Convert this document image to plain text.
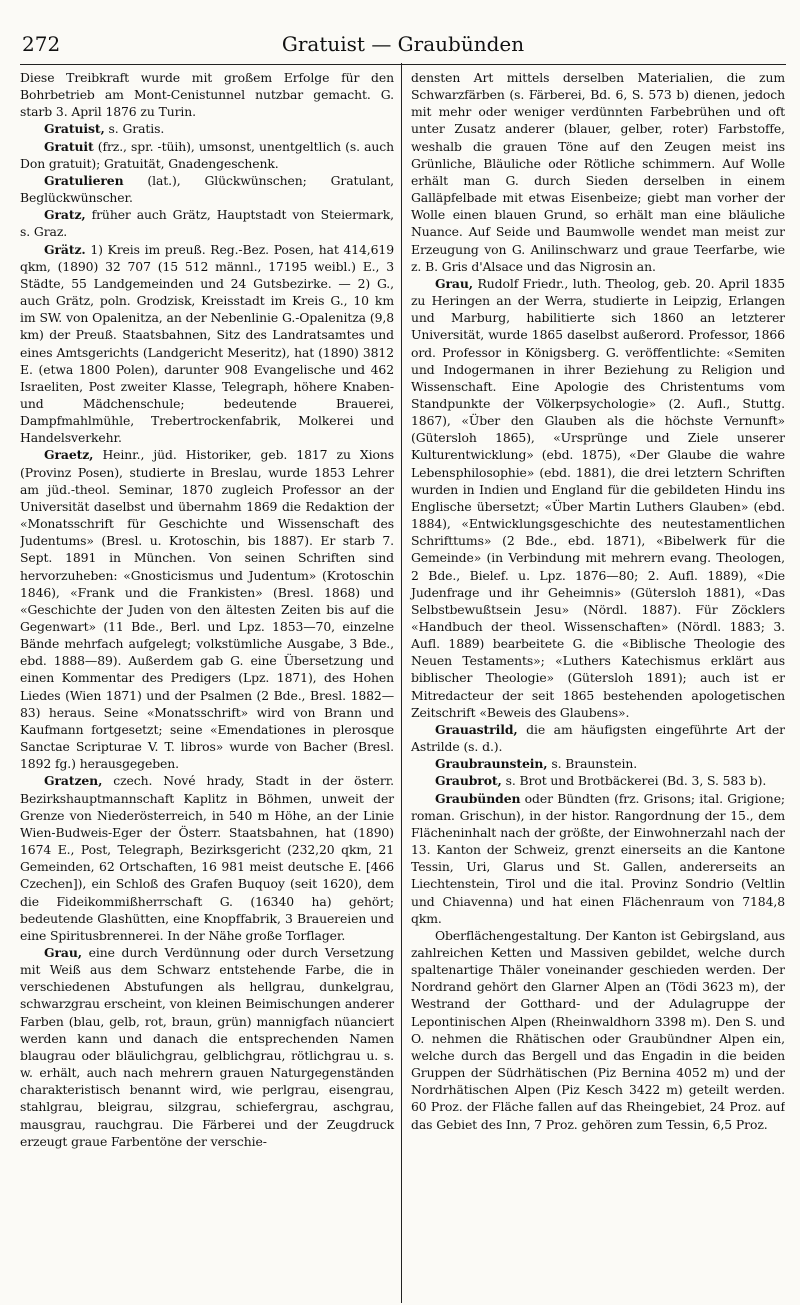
272	Gratuist — Graubünden

Diese Treibkraft wurde mit großem Erfolge für den Bohrbetrieb am Mont-Cenistunnel nutzbar gemacht. G. starb 3. April 1876 zu Turin.

Gratuist, s. Gratis.

Gratuit (frz., spr. -tüih), umsonst, unentgeltlich (s. auch Don gratuit); Gratuität, Gnadengeschenk.

Gratulieren (lat.), Glückwünschen; Gratulant, Beglückwünscher.

Gratz, früher auch Grätz, Hauptstadt von Steiermark, s. Graz.

Grätz. 1) Kreis im preuß. Reg.-Bez. Posen, hat 414,619 qkm, (1890) 32 707 (15 512 männl., 17195 weibl.) E., 3 Städte, 55 Landgemeinden und 24 Gutsbezirke. — 2) G., auch Grätz, poln. Grodzisk, Kreisstadt im Kreis G., 10 km im SW. von Opalenitza, an der Nebenlinie G.-Opalenitza (9,8 km) der Preuß. Staatsbahnen, Sitz des Landratsamtes und eines Amtsgerichts (Landgericht Meseritz), hat (1890) 3812 E. (etwa 1800 Polen), darunter 908 Evangelische und 462 Israeliten, Post zweiter Klasse, Telegraph, höhere Knaben- und Mädchenschule; bedeutende Brauerei, Dampfmahlmühle, Trebertrockenfabrik, Molkerei und Handelsverkehr.

Graetz, Heinr., jüd. Historiker, geb. 1817 zu Xions (Provinz Posen), studierte in Breslau, wurde 1853 Lehrer am jüd.-theol. Seminar, 1870 zugleich Professor an der Universität daselbst und übernahm 1869 die Redaktion der «Monatsschrift für Geschichte und Wissenschaft des Judentums» (Bresl. u. Krotoschin, bis 1887). Er starb 7. Sept. 1891 in München. Von seinen Schriften sind hervorzuheben: «Gnosticismus und Judentum» (Krotoschin 1846), «Frank und die Frankisten» (Bresl. 1868) und «Geschichte der Juden von den ältesten Zeiten bis auf die Gegenwart» (11 Bde., Berl. und Lpz. 1853—70, einzelne Bände mehrfach aufgelegt; volkstümliche Ausgabe, 3 Bde., ebd. 1888—89). Außerdem gab G. eine Übersetzung und einen Kommentar des Predigers (Lpz. 1871), des Hohen Liedes (Wien 1871) und der Psalmen (2 Bde., Bresl. 1882—83) heraus. Seine «Monatsschrift» wird von Brann und Kaufmann fortgesetzt; seine «Emendationes in plerosque Sanctae Scripturae V. T. libros» wurde von Bacher (Bresl. 1892 fg.) herausgegeben.

Gratzen, czech. Nové hrady, Stadt in der österr. Bezirkshauptmannschaft Kaplitz in Böhmen, unweit der Grenze von Niederösterreich, in 540 m Höhe, an der Linie Wien-Budweis-Eger der Österr. Staatsbahnen, hat (1890) 1674 E., Post, Telegraph, Bezirksgericht (232,20 qkm, 21 Gemeinden, 62 Ortschaften, 16 981 meist deutsche E. [466 Czechen]), ein Schloß des Grafen Buquoy (seit 1620), dem die Fideikommißherrschaft G. (16340 ha) gehört; bedeutende Glashütten, eine Knopffabrik, 3 Brauereien und eine Spiritusbrennerei. In der Nähe große Torflager.

Grau, eine durch Verdünnung oder durch Versetzung mit Weiß aus dem Schwarz entstehende Farbe, die in verschiedenen Abstufungen als hellgrau, dunkelgrau, schwarzgrau erscheint, von kleinen Beimischungen anderer Farben (blau, gelb, rot, braun, grün) mannigfach nüanciert werden kann und danach die entsprechenden Namen blaugrau oder bläulichgrau, gelblichgrau, rötlichgrau u. s. w. erhält, auch nach mehrern grauen Naturgegenständen charakteristisch benannt wird, wie perlgrau, eisengrau, stahlgrau, bleigrau, silzgrau, schiefergrau, aschgrau, mausgrau, rauchgrau. Die Färberei und der Zeugdruck erzeugt graue Farbentöne der verschie-

densten Art mittels derselben Materialien, die zum Schwarzfärben (s. Färberei, Bd. 6, S. 573 b) dienen, jedoch mit mehr oder weniger verdünnten Farbebrühen und oft unter Zusatz anderer (blauer, gelber, roter) Farbstoffe, weshalb die grauen Töne auf den Zeugen meist ins Grünliche, Bläuliche oder Rötliche schimmern. Auf Wolle erhält man G. durch Sieden derselben in einem Galläpfelbade mit etwas Eisenbeize; giebt man vorher der Wolle einen blauen Grund, so erhält man eine bläuliche Nuance. Auf Seide und Baumwolle wendet man meist zur Erzeugung von G. Anilinschwarz und graue Teerfarbe, wie z. B. Gris d'Alsace und das Nigrosin an.

Grau, Rudolf Friedr., luth. Theolog, geb. 20. April 1835 zu Heringen an der Werra, studierte in Leipzig, Erlangen und Marburg, habilitierte sich 1860 an letzterer Universität, wurde 1865 daselbst außerord. Professor, 1866 ord. Professor in Königsberg. G. veröffentlichte: «Semiten und Indogermanen in ihrer Beziehung zu Religion und Wissenschaft. Eine Apologie des Christentums vom Standpunkte der Völkerpsychologie» (2. Aufl., Stuttg. 1867), «Über den Glauben als die höchste Vernunft» (Gütersloh 1865), «Ursprünge und Ziele unserer Kulturentwicklung» (ebd. 1875), «Der Glaube die wahre Lebensphilosophie» (ebd. 1881), die drei letztern Schriften wurden in Indien und England für die gebildeten Hindu ins Englische übersetzt; «Über Martin Luthers Glauben» (ebd. 1884), «Entwicklungsgeschichte des neutestamentlichen Schrifttums» (2 Bde., ebd. 1871), «Bibelwerk für die Gemeinde» (in Verbindung mit mehrern evang. Theologen, 2 Bde., Bielef. u. Lpz. 1876—80; 2. Aufl. 1889), «Die Judenfrage und ihr Geheimnis» (Gütersloh 1881), «Das Selbstbewußtsein Jesu» (Nördl. 1887). Für Zöcklers «Handbuch der theol. Wissenschaften» (Nördl. 1883; 3. Aufl. 1889) bearbeitete G. die «Biblische Theologie des Neuen Testaments»; «Luthers Katechismus erklärt aus biblischer Theologie» (Gütersloh 1891); auch ist er Mitredacteur der seit 1865 bestehenden apologetischen Zeitschrift «Beweis des Glaubens».

Grauastrild, die am häufigsten eingeführte Art der Astrilde (s. d.).

Graubraunstein, s. Braunstein.

Graubrot, s. Brot und Brotbäckerei (Bd. 3, S. 583 b).

Graubünden oder Bündten (frz. Grisons; ital. Grigione; roman. Grischun), in der histor. Rangordnung der 15., dem Flächeninhalt nach der größte, der Einwohnerzahl nach der 13. Kanton der Schweiz, grenzt einerseits an die Kantone Tessin, Uri, Glarus und St. Gallen, andererseits an Liechtenstein, Tirol und die ital. Provinz Sondrio (Veltlin und Chiavenna) und hat einen Flächenraum von 7184,8 qkm.

Oberflächengestaltung. Der Kanton ist Gebirgsland, aus zahlreichen Ketten und Massiven gebildet, welche durch spaltenartige Thäler voneinander geschieden werden. Der Nordrand gehört den Glarner Alpen an (Tödi 3623 m), der Westrand der Gotthard- und der Adulagruppe der Lepontinischen Alpen (Rheinwaldhorn 3398 m). Den S. und O. nehmen die Rhätischen oder Graubündner Alpen ein, welche durch das Bergell und das Engadin in die beiden Gruppen der Südrhätischen (Piz Bernina 4052 m) und der Nordrhätischen Alpen (Piz Kesch 3422 m) geteilt werden. 60 Proz. der Fläche fallen auf das Rheingebiet, 24 Proz. auf das Gebiet des Inn, 7 Proz. gehören zum Tessin, 6,5 Proz.
